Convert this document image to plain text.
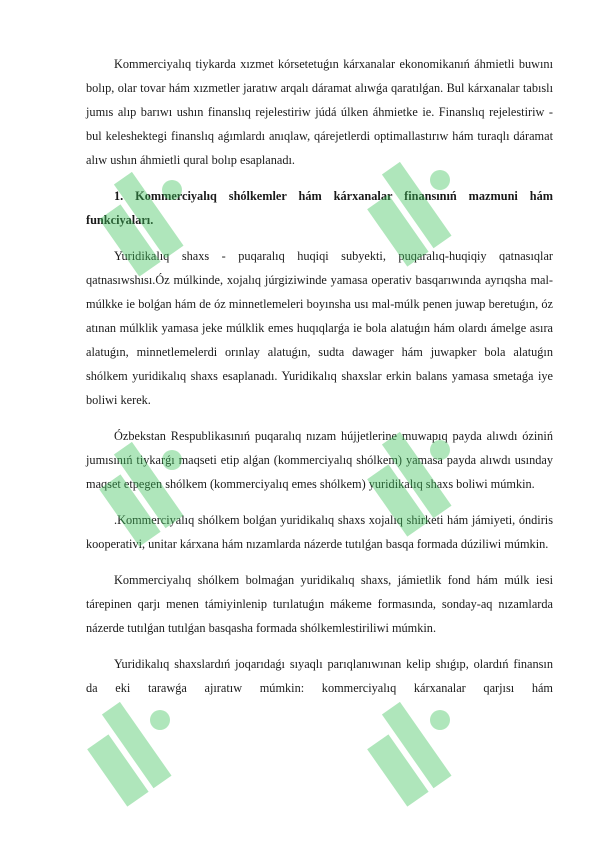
Kommerciyalıq tiykarda xızmet kórsetetuǵın kárxanalar ekonomikanıń áhmietli buwını bolıp, olar tovar hám xızmetler jaratıw arqalı dáramat alıwǵa qaratılǵan. Bul kárxanalar tabıslı jumıs alıp barıwı ushın finanslıq rejelestiriw júdá úlken áhmietke ie. Finanslıq rejelestiriw - bul keleshektegi finanslıq aǵımlardı anıqlaw, qárejetlerdi optimallastırıw hám turaqlı dáramat alıw ushın áhmietli qural bolıp esaplanadı.

1. Kommerciyalıq shólkemler hám kárxanalar finansınıń mazmuni hám funkciyaları.

Yuridikalıq shaxs - puqaralıq huqiqi subyekti, puqaralıq-huqiqiy qatnasıqlar qatnasıwshısı.Óz múlkinde, xojalıq júrgiziwinde yamasa operativ basqarıwında ayrıqsha mal-múlkke ie bolǵan hám de óz minnetlemeleri boyınsha usı mal-múlk penen juwap beretuǵın, óz atınan múlklik yamasa jeke múlklik emes huqıqlarǵa ie bola alatuǵın hám olardı ámelge asıra alatuǵın, minnetlemelerdi orınlay alatuǵın, sudta dawager hám juwapker bola alatuǵın shólkem yuridikalıq shaxs esaplanadı. Yuridikalıq shaxslar erkin balans yamasa smetaǵa iye boliwi kerek.

Ózbekstan Respublikasınıń puqaralıq nızam hújjetlerine muwapıq payda alıwdı óziniń jumısınıń tiykarǵı maqseti etip alǵan (kommerciyalıq shólkem) yamasa payda alıwdı usınday maqset etpegen shólkem (kommerciyalıq emes shólkem) yuridikalıq shaxs boliwi múmkin.

.Kommerciyalıq shólkem bolǵan yuridikalıq shaxs xojalıq shirketi hám jámiyeti, óndiris kooperativi, unitar kárxana hám nızamlarda názerde tutılǵan basqa formada dúziliwi múmkin.

Kommerciyalıq shólkem bolmaǵan yuridikalıq shaxs, jámietlik fond hám múlk iesi tárepinen qarjı menen támiyinlenip turılatuǵın mákeme formasında, sonday-aq nızamlarda názerde tutılǵan tutılǵan basqasha formada shólkemlestiriliwi múmkin.

Yuridikalıq shaxslardıń joqarıdaǵı sıyaqlı parıqlanıwınan kelip shıǵıp, olardıń finansın da eki tarawǵa ajıratıw múmkin: kommerciyalıq kárxanalar qarjısı hám
